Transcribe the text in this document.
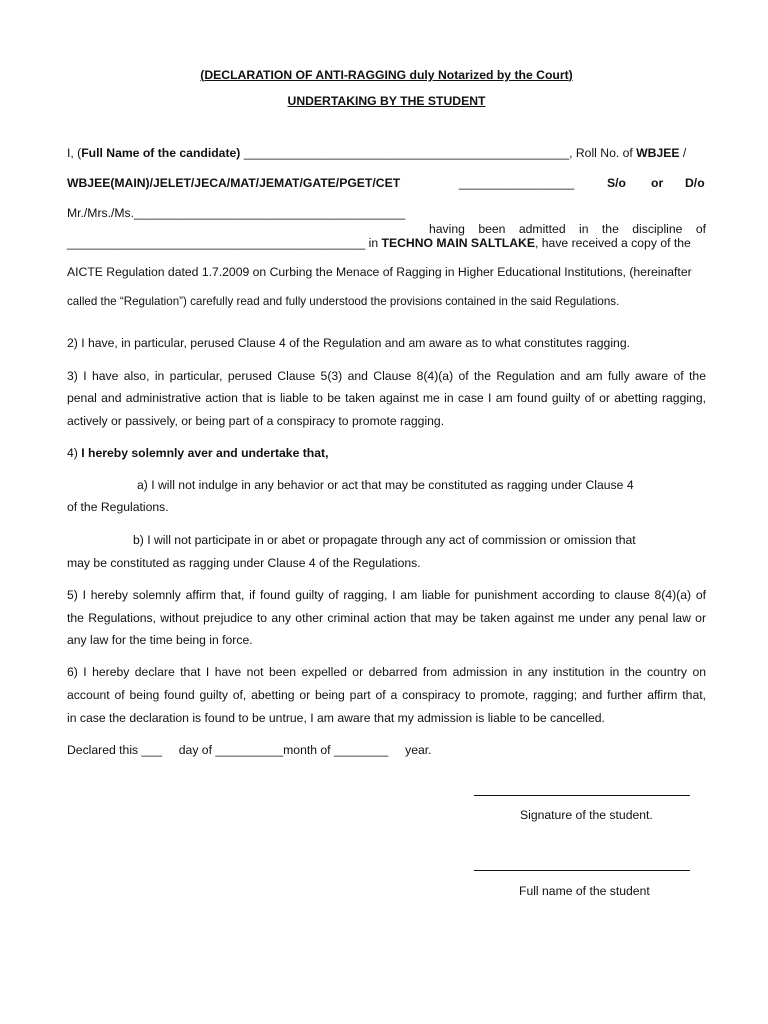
(DECLARATION OF ANTI-RAGGING duly Notarized by the Court)
UNDERTAKING BY THE STUDENT
I, (Full Name of the candidate) ________________________________________________, Roll No. of WBJEE /
WBJEE(MAIN)/JELET/JECA/MAT/JEMAT/GATE/PGET/CET	_________________	S/o or D/o
Mr./Mrs./Ms.________________________________________
having been admitted in the discipline of
____________________________________________ in TECHNO MAIN SALTLAKE, have received a copy of the
AICTE Regulation dated 1.7.2009 on Curbing the Menace of Ragging in Higher Educational Institutions, (hereinafter
called the “Regulation”) carefully read and fully understood the provisions contained in the said Regulations.
2) I have, in particular, perused Clause 4 of the Regulation and am aware as to what constitutes ragging.
3) I have also, in particular, perused Clause 5(3) and Clause 8(4)(a) of the Regulation and am fully aware of the
penal and administrative action that is liable to be taken against me in case I am found guilty of or abetting ragging,
actively or passively, or being part of a conspiracy to promote ragging.
4) I hereby solemnly aver and undertake that,
a) I will not indulge in any behavior or act that may be constituted as ragging under Clause 4
of the Regulations.
b) I will not participate in or abet or propagate through any act of commission or omission that
may be constituted as ragging under Clause 4 of the Regulations.
5) I hereby solemnly affirm that, if found guilty of ragging, I am liable for punishment according to clause 8(4)(a) of
the Regulations, without prejudice to any other criminal action that may be taken against me under any penal law or
any law for the time being in force.
6) I hereby declare that I have not been expelled or debarred from admission in any institution in the country on
account of being found guilty of, abetting or being part of a conspiracy to promote, ragging; and further affirm that,
in case the declaration is found to be untrue, I am aware that my admission is liable to be cancelled.
Declared this ___     day of __________month of ________     year.
Signature of the student.
Full name of the student
